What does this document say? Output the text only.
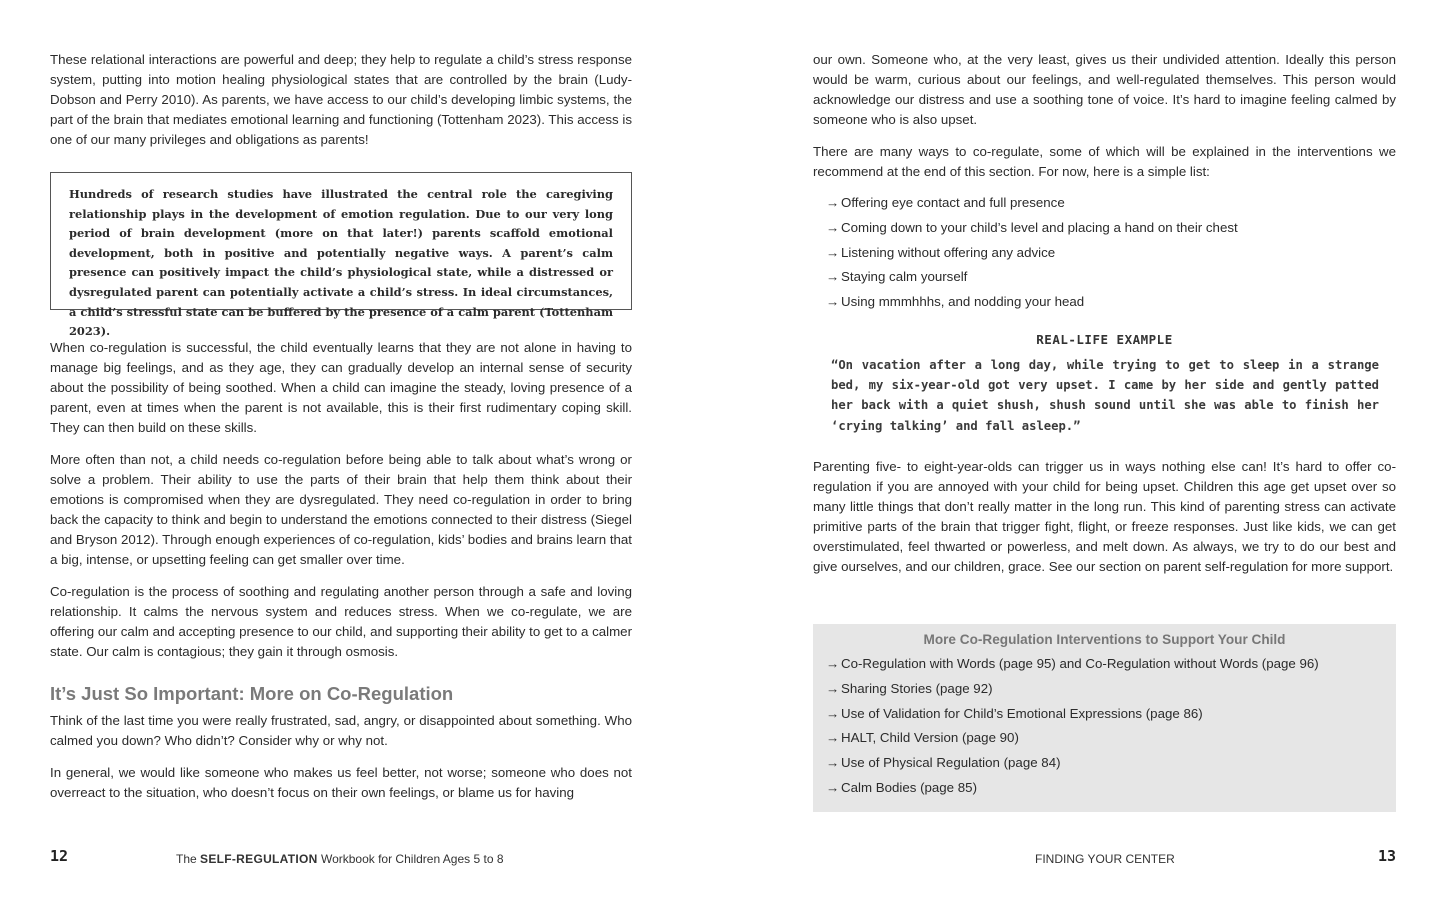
These relational interactions are powerful and deep; they help to regulate a child’s stress response system, putting into motion healing physiological states that are controlled by the brain (Ludy-Dobson and Perry 2010). As parents, we have access to our child’s developing limbic systems, the part of the brain that mediates emotional learning and functioning (Tottenham 2023). This access is one of our many privileges and obligations as parents!

Hundreds of research studies have illustrated the central role the caregiving relationship plays in the development of emotion regulation. Due to our very long period of brain development (more on that later!) parents scaffold emotional development, both in positive and potentially negative ways. A parent’s calm presence can positively impact the child’s physiological state, while a distressed or dysregulated parent can potentially activate a child’s stress. In ideal circumstances, a child’s stressful state can be buffered by the presence of a calm parent (Tottenham 2023).

When co-regulation is successful, the child eventually learns that they are not alone in having to manage big feelings, and as they age, they can gradually develop an internal sense of security about the possibility of being soothed. When a child can imagine the steady, loving presence of a parent, even at times when the parent is not available, this is their first rudimentary coping skill. They can then build on these skills.

More often than not, a child needs co-regulation before being able to talk about what’s wrong or solve a problem. Their ability to use the parts of their brain that help them think about their emotions is compromised when they are dysregulated. They need co-regulation in order to bring back the capacity to think and begin to understand the emotions connected to their distress (Siegel and Bryson 2012). Through enough experiences of co-regulation, kids’ bodies and brains learn that a big, intense, or upsetting feeling can get smaller over time.

Co-regulation is the process of soothing and regulating another person through a safe and loving relationship. It calms the nervous system and reduces stress. When we co-regulate, we are offering our calm and accepting presence to our child, and supporting their ability to get to a calmer state. Our calm is contagious; they gain it through osmosis.

It’s Just So Important: More on Co-Regulation

Think of the last time you were really frustrated, sad, angry, or disappointed about something. Who calmed you down? Who didn’t? Consider why or why not.

In general, we would like someone who makes us feel better, not worse; someone who does not overreact to the situation, who doesn’t focus on their own feelings, or blame us for having

12	The SELF-REGULATION Workbook for Children Ages 5 to 8

our own. Someone who, at the very least, gives us their undivided attention. Ideally this person would be warm, curious about our feelings, and well-regulated themselves. This person would acknowledge our distress and use a soothing tone of voice. It’s hard to imagine feeling calmed by someone who is also upset.

There are many ways to co-regulate, some of which will be explained in the interventions we recommend at the end of this section. For now, here is a simple list:

→ Offering eye contact and full presence
→ Coming down to your child’s level and placing a hand on their chest
→ Listening without offering any advice
→ Staying calm yourself
→ Using mmmhhhs, and nodding your head
REAL-LIFE EXAMPLE

“On vacation after a long day, while trying to get to sleep in a strange bed, my six-year-old got very upset. I came by her side and gently patted her back with a quiet shush, shush sound until she was able to finish her ‘crying talking’ and fall asleep.”

Parenting five- to eight-year-olds can trigger us in ways nothing else can! It’s hard to offer co-regulation if you are annoyed with your child for being upset. Children this age get upset over so many little things that don’t really matter in the long run. This kind of parenting stress can activate primitive parts of the brain that trigger fight, flight, or freeze responses. Just like kids, we can get overstimulated, feel thwarted or powerless, and melt down. As always, we try to do our best and give ourselves, and our children, grace. See our section on parent self-regulation for more support.

More Co-Regulation Interventions to Support Your Child
→ Co-Regulation with Words (page 95) and Co-Regulation without Words (page 96)
→ Sharing Stories (page 92)
→ Use of Validation for Child’s Emotional Expressions (page 86)
→ HALT, Child Version (page 90)
→ Use of Physical Regulation (page 84)
→ Calm Bodies (page 85)
FINDING YOUR CENTER	13
